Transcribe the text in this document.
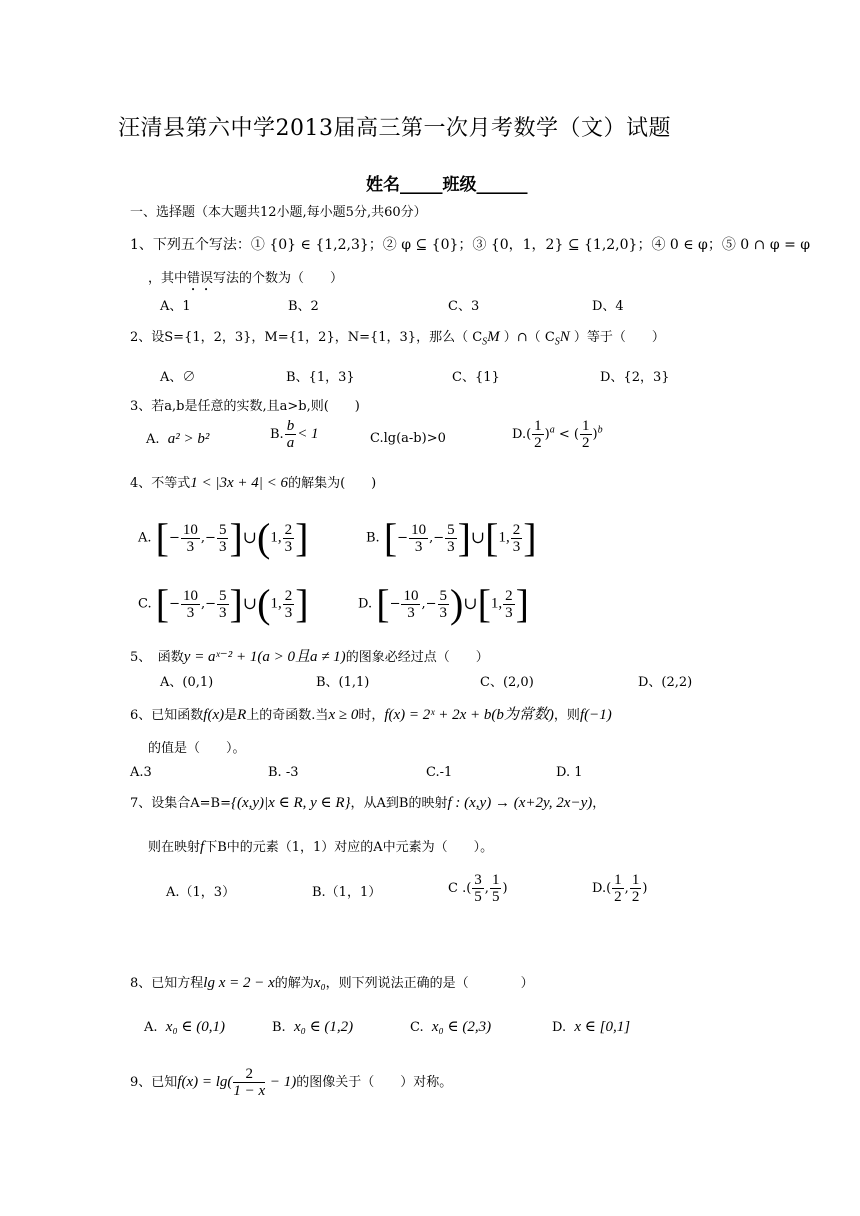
汪清县第六中学2013届高三第一次月考数学（文）试题
姓名_____班级______
一、选择题（本大题共12小题,每小题5分,共60分）
1、下列五个写法：① {0} ∈ {1,2,3}；② φ ⊆ {0}；③ {0，1，2} ⊆ {1,2,0}；④ 0 ∈ φ；⑤ 0 ∩ φ = φ
，其中错误写法的个数为（　　）
A、1	B、2	C、3	D、4
2、设S={1，2，3}，M={1，2}，N={1，3}，那么（ $C_SM$ ）∩（ $C_SN$ ）等于（　　）
A、∅	B、{1，3}	C、{1}	D、{2，3}
3、若a,b是任意的实数,且a>b,则(　　)
A. a² > b²	B. $\frac{b}{a} < 1$	C.lg(a-b)>0	$D.( \frac{1}{2} )^a$ < ( $\frac{1}{2} )^b$
4、不等式1 < |3x + 4| < 6的解集为(　　)
A. [− $\frac{10}{3}$ ,− $\frac{5}{3}$ ]∪(1, $\frac{2}{3}$ ]	B. [− $\frac{10}{3}$ ,− $\frac{5}{3}$ ]∪[1, $\frac{2}{3}$ ]
C. [− $\frac{10}{3}$ ,− $\frac{5}{3}$ ]∪(1, $\frac{2}{3}$ ]	D. [− $\frac{10}{3}$ ,− $\frac{5}{3}$ )∪[1, $\frac{2}{3}$ ]
5、　函数y = aˣ⁻² + 1(a > 0且a ≠ 1)的图象必经过点（　　）
A、(0,1)	B、(1,1)	C、(2,0)	D、(2,2)
6、已知函数f(x)是R上的奇函数.当x ≥ 0时，f(x) = 2ˣ + 2x + b(b为常数)，则f(−1)
的值是（　　）。
A.3	B. -3	C.-1	D. 1
7、设集合A=B={(x,y)|x ∈ R, y ∈ R}，从A到B的映射f : (x,y) → (x+2y, 2x−y)，
则在映射f下B中的元素（1，1）对应的A中元素为（　　）。
A.（1，3）	B.（1，1）	C .( $\frac{3}{5}$ , $\frac{1}{5}$ )	$D.( \frac{1}{2}$ , $\frac{1}{2}$ )
8、已知方程lg x = 2 − x的解为x₀，则下列说法正确的是（　　　　）
A. x₀ ∈ (0,1)	B. x₀ ∈ (1,2)	C. x₀ ∈ (2,3)	D. x ∈ [0,1]
9、已知$f(x) = \lg( \frac{2}{1 - x} - 1)$的图像关于（　　）对称。
